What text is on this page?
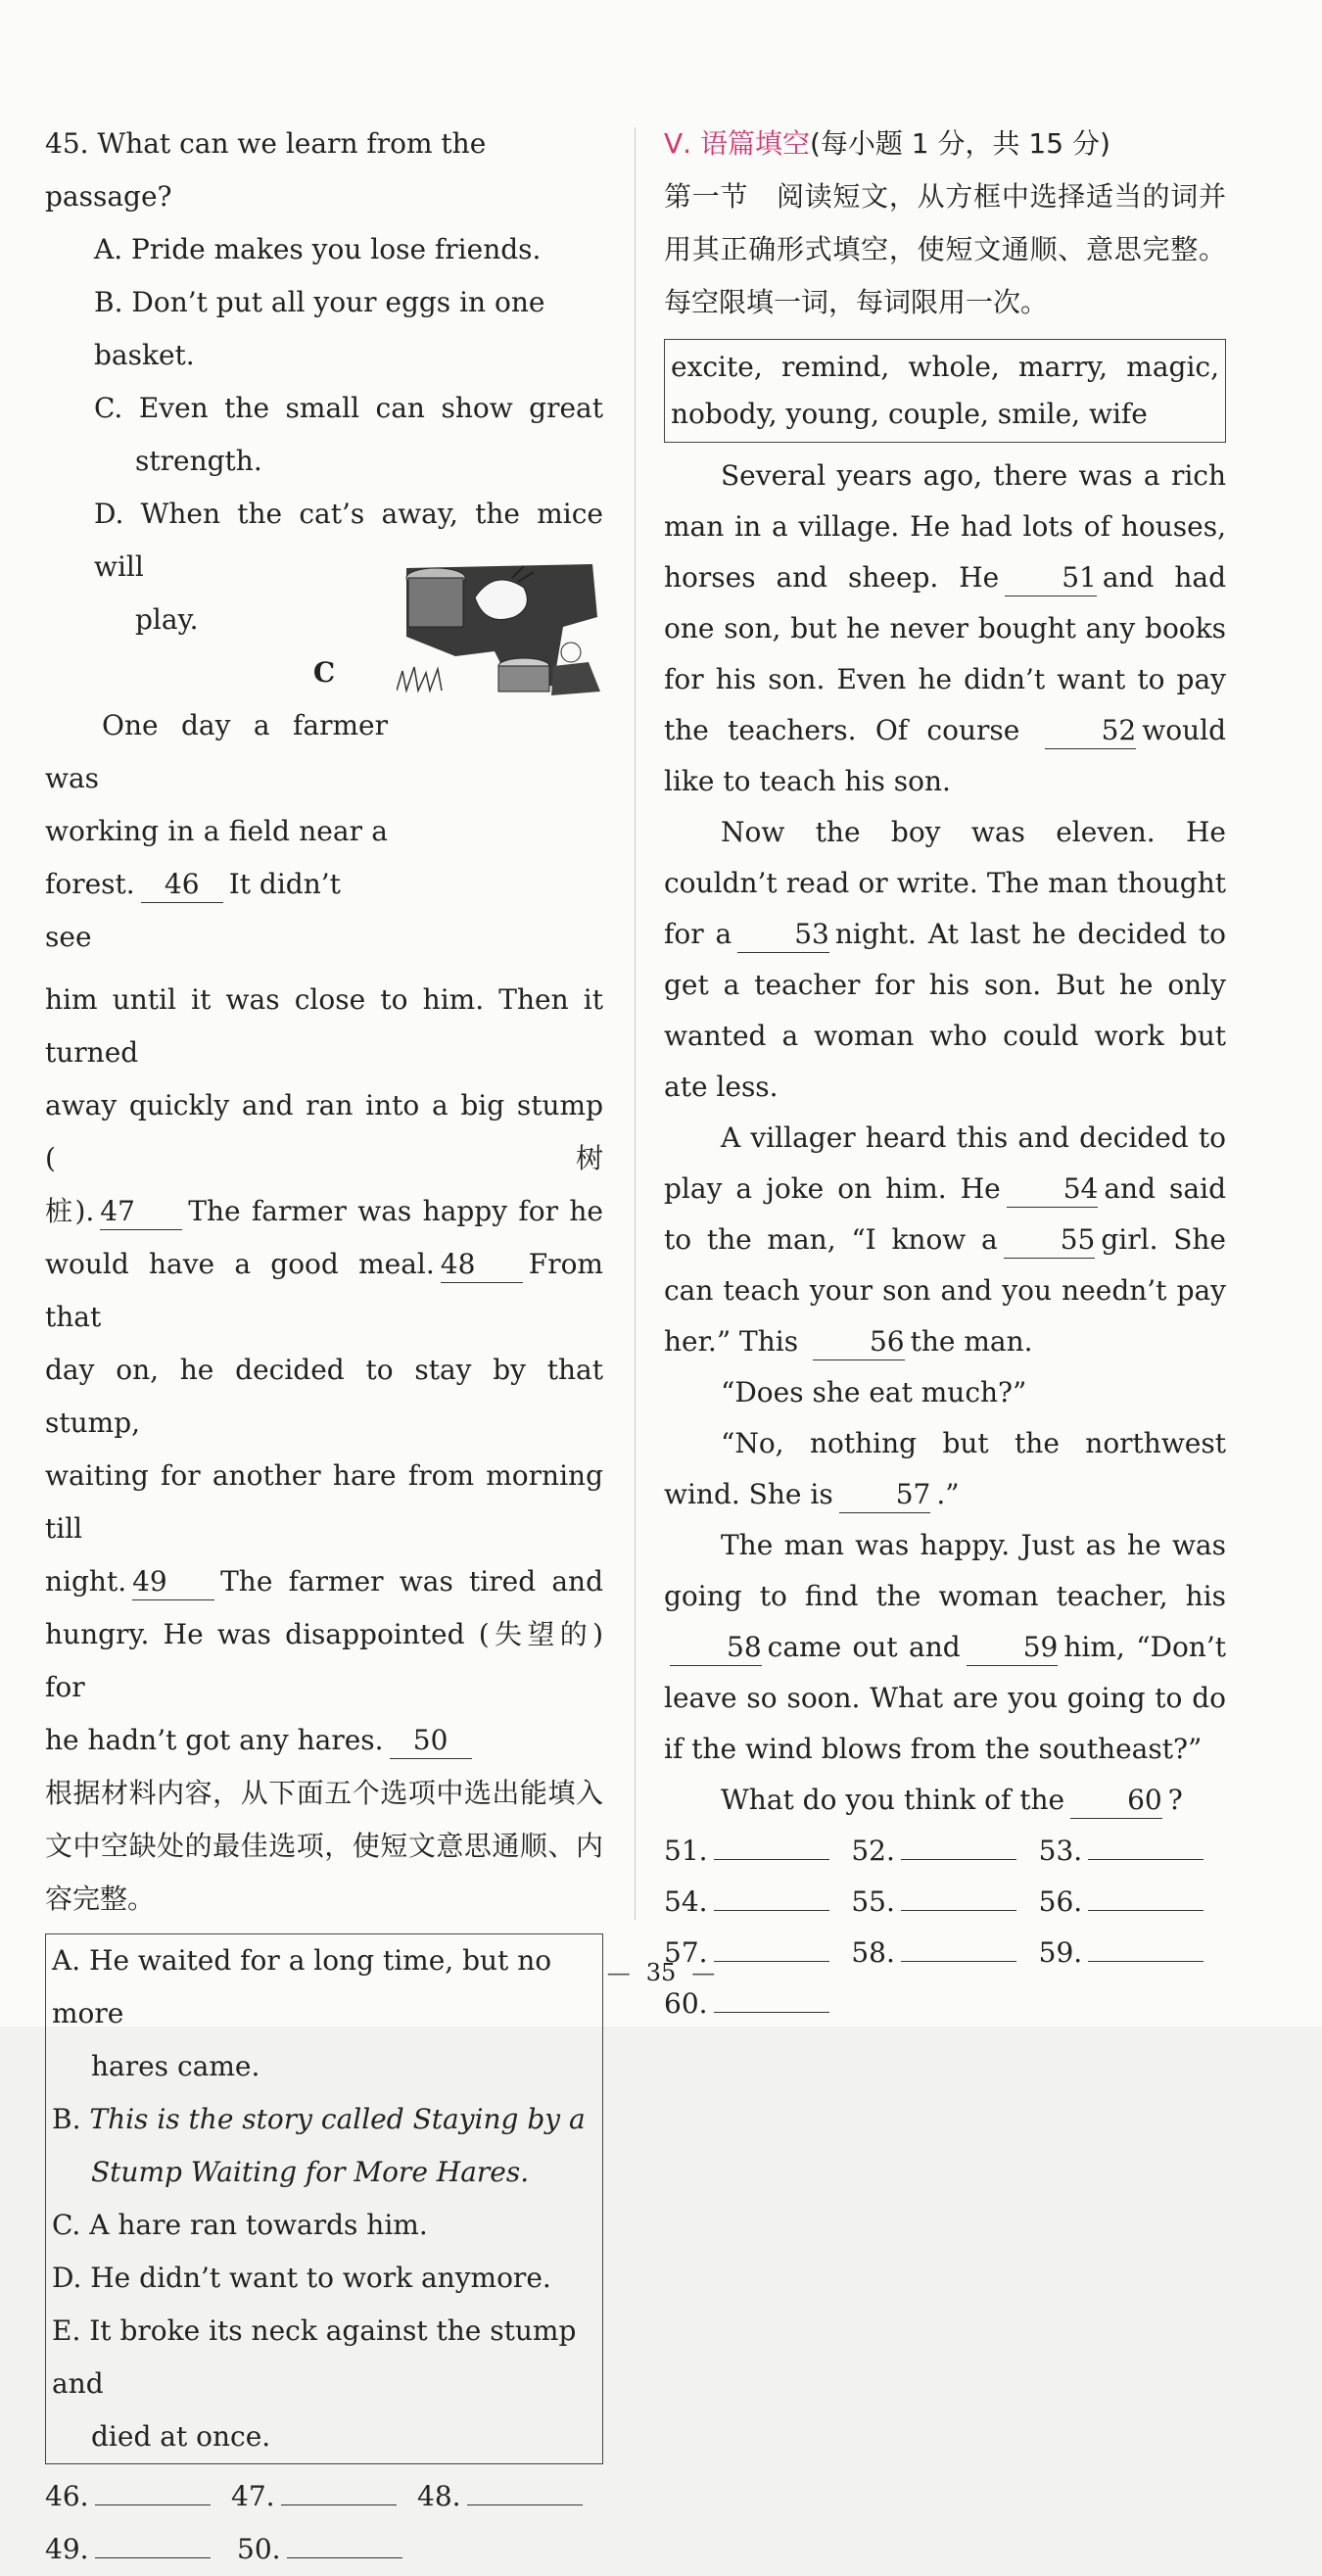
45. What can we learn from the passage?

A. Pride makes you lose friends.

B. Don’t put all your eggs in one basket.

C. Even the small can show great

strength.

D. When the cat’s away, the mice will

play.

C

One day a farmer was

working in a field near a

forest. 46 It didn’t see

him until it was close to him. Then it turned

away quickly and ran into a big stump (树

桩). 47 The farmer was happy for he

would have a good meal. 48 From that

day on, he decided to stay by that stump,

waiting for another hare from morning till

night. 49 The farmer was tired and

hungry. He was disappointed (失望的) for

he hadn’t got any hares. 50

根据材料内容，从下面五个选项中选出能填入文中空缺处的最佳选项，使短文意思通顺、内容完整。

A. He waited for a long time, but no more

hares came.

B. This is the story called Staying by a

Stump Waiting for More Hares.

C. A hare ran towards him.

D. He didn’t want to work anymore.

E. It broke its neck against the stump and

died at once.

46.	47.	48.
49.	50.

Ⅴ. 语篇填空(每小题 1 分，共 15 分)

第一节　阅读短文，从方框中选择适当的词并用其正确形式填空，使短文通顺、意思完整。每空限填一词，每词限用一次。

excite, remind, whole, marry, magic,

nobody, young, couple, smile, wife

Several years ago, there was a rich man in a village. He had lots of houses, horses and sheep. He 51 and had one son, but he never bought any books for his son. Even he didn’t want to pay the teachers. Of course	52 would like to teach his son.

Now the boy was eleven. He couldn’t read or write. The man thought for a 53 night. At last he decided to get a teacher for his son. But he only wanted a woman who could work but ate less.

A villager heard this and decided to play a joke on him. He 54 and said to the man, “I know a 55 girl. She can teach your son and you needn’t pay her.” This	56 the man.

“Does she eat much?”

“No, nothing but the northwest wind. She is 57 .”

The man was happy. Just as he was going to find the woman teacher, his58 came out and 59 him, “Don’t leave so soon. What are you going to do if the wind blows from the southeast?”

What do you think of the 60 ?

51.	52.	53.
54.	55.	56.
57.	58.	59.
60.
— 35 —
